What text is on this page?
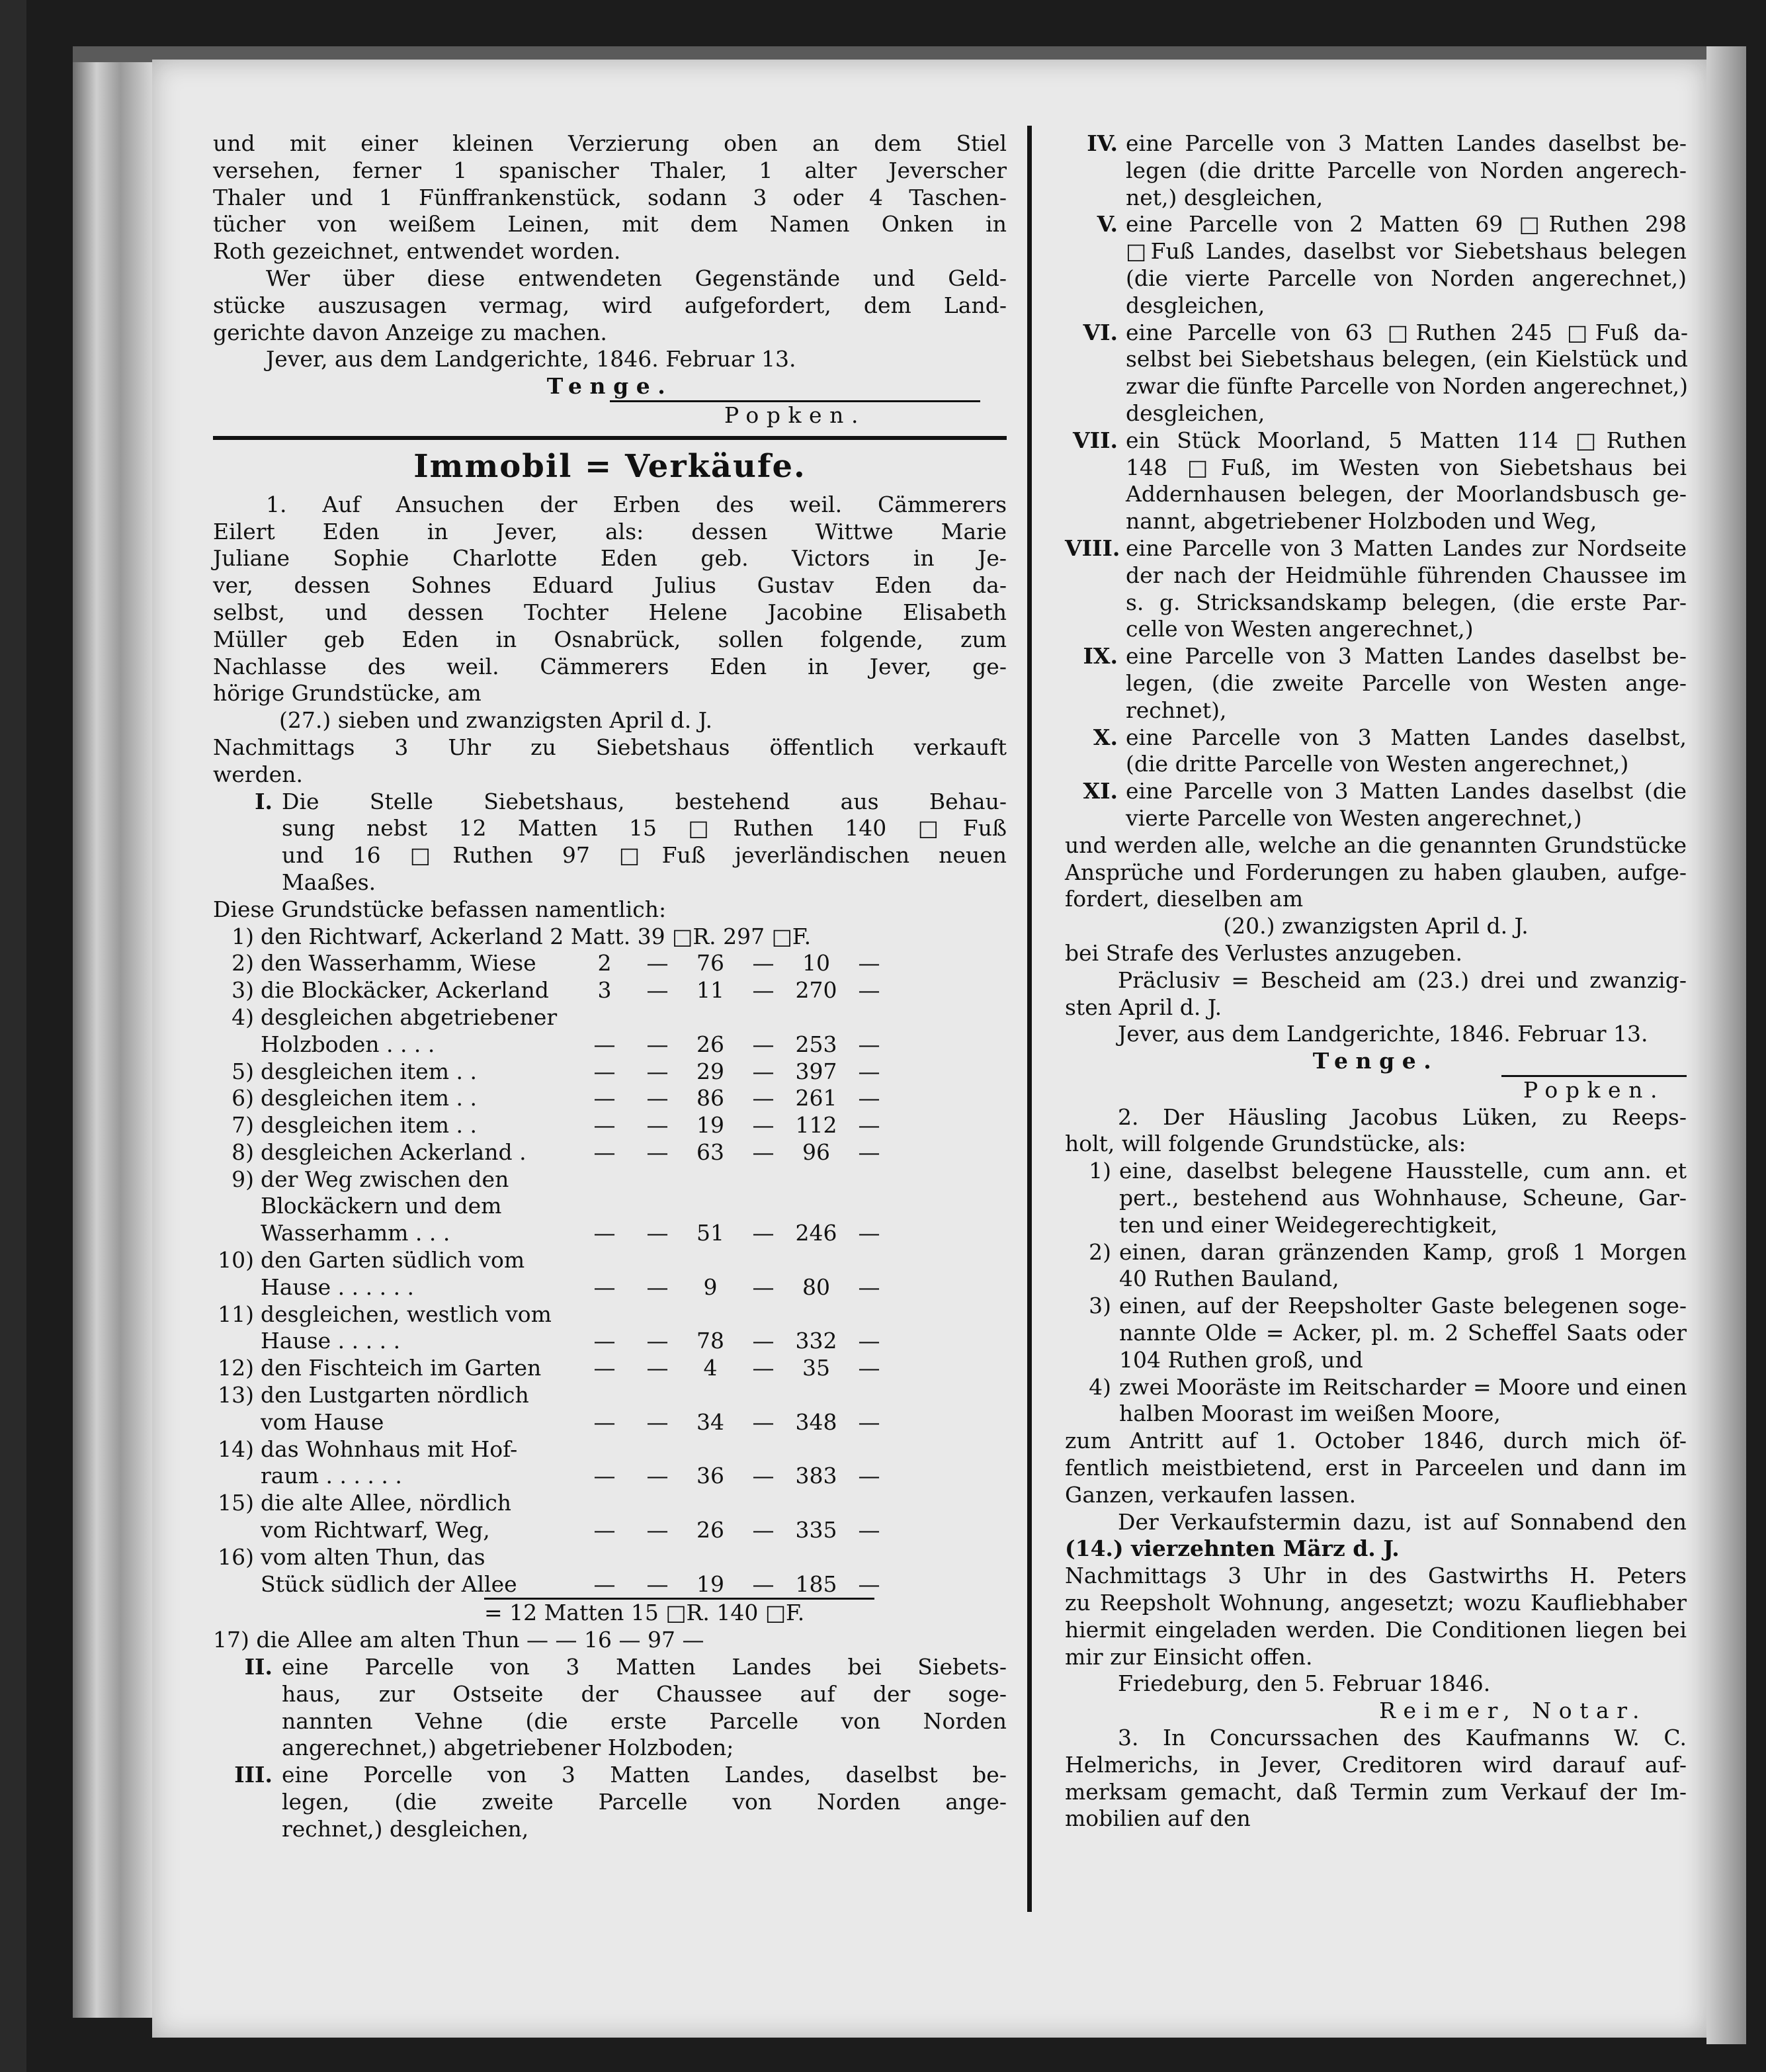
und mit einer kleinen Verzierung oben an dem Stiel
versehen, ferner 1 spanischer Thaler, 1 alter Jeverscher
Thaler und 1 Fünffrankenstück, sodann 3 oder 4 Taschen-
tücher von weißem Leinen, mit dem Namen Onken in
Roth gezeichnet, entwendet worden.
Wer über diese entwendeten Gegenstände und Geld-
stücke auszusagen vermag, wird aufgefordert, dem Land-
gerichte davon Anzeige zu machen.
Jever, aus dem Landgerichte, 1846. Februar 13.
Tenge.
Popken.
Immobil = Verkäufe.
1. Auf Ansuchen der Erben des weil. Cämmerers
Eilert Eden in Jever, als: dessen Wittwe Marie
Juliane Sophie Charlotte Eden geb. Victors in Je-
ver, dessen Sohnes Eduard Julius Gustav Eden da-
selbst, und dessen Tochter Helene Jacobine Elisabeth
Müller geb Eden in Osnabrück, sollen folgende, zum
Nachlasse des weil. Cämmerers Eden in Jever, ge-
hörige Grundstücke, am
(27.) sieben und zwanzigsten April d. J.
Nachmittags 3 Uhr zu Siebetshaus öffentlich verkauft
werden.
I. Die Stelle Siebetshaus, bestehend aus Behau-
sung nebst 12 Matten 15 □Ruthen 140 □Fuß
und 16 □Ruthen 97 □Fuß jeverländischen neuen
Maaßes.
Diese Grundstücke befassen namentlich:
1) den Richtwarf, Ackerland 2 Matt. 39 □R. 297 □F.
2) den Wasserhamm, Wiese	2	—	76	—	10	—
3) die Blockäcker, Ackerland	3	—	11	— 270 —
4) desgleichen abgetriebener
Holzboden . . . .	—	—	26	— 253 —
5) desgleichen item . .	—	—	29	— 397 —
6) desgleichen item . .	—	—	86	— 261 —
7) desgleichen item . .	—	—	19	— 112 —
8) desgleichen Ackerland .	—	—	63	—	96	—
9) der Weg zwischen den
Blockäckern und dem
Wasserhamm . . .	—	—	51	— 246 —
10) den Garten südlich vom
Hause . . . . . .	—	—	9	—	80	—
11) desgleichen, westlich vom
Hause . . . . .	—	—	78	— 332 —
12) den Fischteich im Garten	—	—	4	—	35	—
13) den Lustgarten nördlich
vom Hause	—	—	34	— 348 —
14) das Wohnhaus mit Hof-
raum . . . . . .	—	—	36	— 383 —
15) die alte Allee, nördlich
vom Richtwarf, Weg,	—	—	26	— 335 —
16) vom alten Thun, das
Stück südlich der Allee	—	—	19	— 185 —
= 12 Matten 15 □R. 140 □F.
17) die Allee am alten Thun — — 16 — 97 —
II. eine Parcelle von 3 Matten Landes bei Siebets-
haus, zur Ostseite der Chaussee auf der soge-
nannten Vehne (die erste Parcelle von Norden
angerechnet,) abgetriebener Holzboden;
III. eine Porcelle von 3 Matten Landes, daselbst be-
legen, (die zweite Parcelle von Norden ange-
rechnet,) desgleichen,
IV. eine Parcelle von 3 Matten Landes daselbst be-
legen (die dritte Parcelle von Norden angerech-
net,) desgleichen,
V. eine Parcelle von 2 Matten 69 □Ruthen 298
□Fuß Landes, daselbst vor Siebetshaus belegen
(die vierte Parcelle von Norden angerechnet,)
desgleichen,
VI. eine Parcelle von 63 □Ruthen 245 □Fuß da-
selbst bei Siebetshaus belegen, (ein Kielstück und
zwar die fünfte Parcelle von Norden angerechnet,)
desgleichen,
VII. ein Stück Moorland, 5 Matten 114 □Ruthen
148 □Fuß, im Westen von Siebetshaus bei
Addernhausen belegen, der Moorlandsbusch ge-
nannt, abgetriebener Holzboden und Weg,
VIII. eine Parcelle von 3 Matten Landes zur Nordseite
der nach der Heidmühle führenden Chaussee im
s. g. Stricksandskamp belegen, (die erste Par-
celle von Westen angerechnet,)
IX. eine Parcelle von 3 Matten Landes daselbst be-
legen, (die zweite Parcelle von Westen ange-
rechnet),
X. eine Parcelle von 3 Matten Landes daselbst,
(die dritte Parcelle von Westen angerechnet,)
XI. eine Parcelle von 3 Matten Landes daselbst (die
vierte Parcelle von Westen angerechnet,)
und werden alle, welche an die genannten Grundstücke
Ansprüche und Forderungen zu haben glauben, aufge-
fordert, dieselben am
(20.) zwanzigsten April d. J.
bei Strafe des Verlustes anzugeben.
Präclusiv = Bescheid am (23.) drei und zwanzig-
sten April d. J.
Jever, aus dem Landgerichte, 1846. Februar 13.
Tenge.
Popken.
2. Der Häusling Jacobus Lüken, zu Reeps-
holt, will folgende Grundstücke, als:
1) eine, daselbst belegene Hausstelle, cum ann. et
pert., bestehend aus Wohnhause, Scheune, Gar-
ten und einer Weidegerechtigkeit,
2) einen, daran gränzenden Kamp, groß 1 Morgen
40 Ruthen Bauland,
3) einen, auf der Reepsholter Gaste belegenen soge-
nannte Olde = Acker, pl. m. 2 Scheffel Saats oder
104 Ruthen groß, und
4) zwei Mooräste im Reitscharder = Moore und einen
halben Moorast im weißen Moore,
zum Antritt auf 1. October 1846, durch mich öf-
fentlich meistbietend, erst in Parceelen und dann im
Ganzen, verkaufen lassen.
Der Verkaufstermin dazu, ist auf Sonnabend den
(14.) vierzehnten März d. J.
Nachmittags 3 Uhr in des Gastwirths H. Peters
zu Reepsholt Wohnung, angesetzt; wozu Kaufliebhaber
hiermit eingeladen werden. Die Conditionen liegen bei
mir zur Einsicht offen.
Friedeburg, den 5. Februar 1846.
Reimer, Notar.
3. In Concurssachen des Kaufmanns W. C.
Helmerichs, in Jever, Creditoren wird darauf auf-
merksam gemacht, daß Termin zum Verkauf der Im-
mobilien auf den
